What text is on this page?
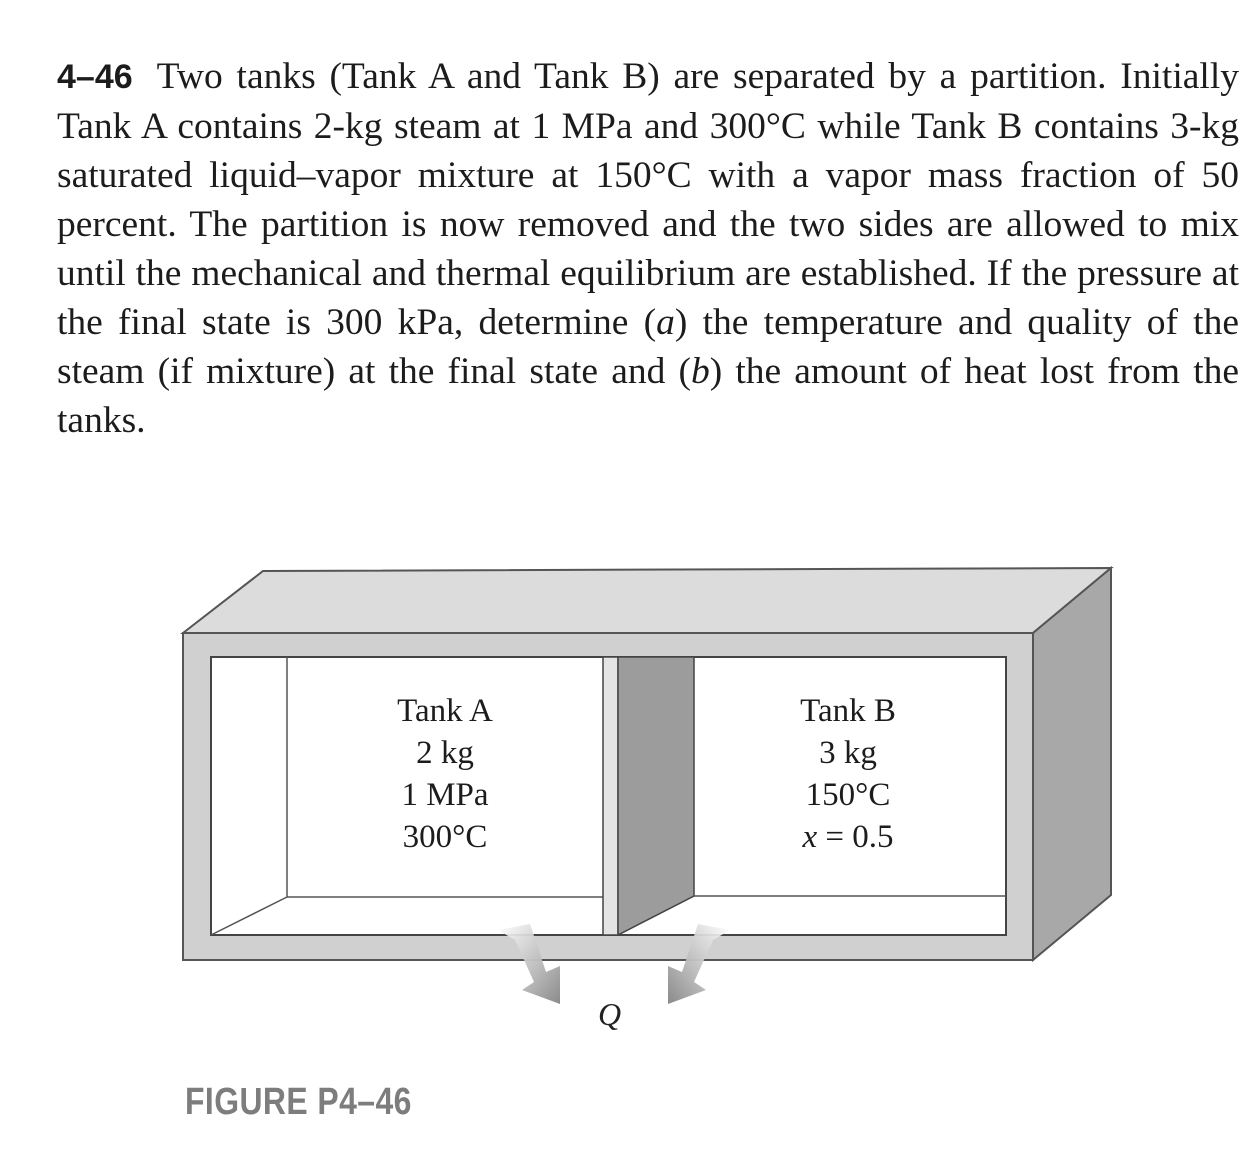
4–46 Two tanks (Tank A and Tank B) are separated by a partition. Initially Tank A contains 2-kg steam at 1 MPa and 300°C while Tank B contains 3-kg saturated liquid–vapor mixture at 150°C with a vapor mass fraction of 50 percent. The partition is now removed and the two sides are allowed to mix until the mechanical and thermal equilibrium are established. If the pressure at the final state is 300 kPa, determine (a) the temperature and quality of the steam (if mixture) at the final state and (b) the amount of heat lost from the tanks.

Tank A
2 kg
1 MPa
300°C
Tank B
3 kg
150°C
x = 0.5
Q
FIGURE P4–46
